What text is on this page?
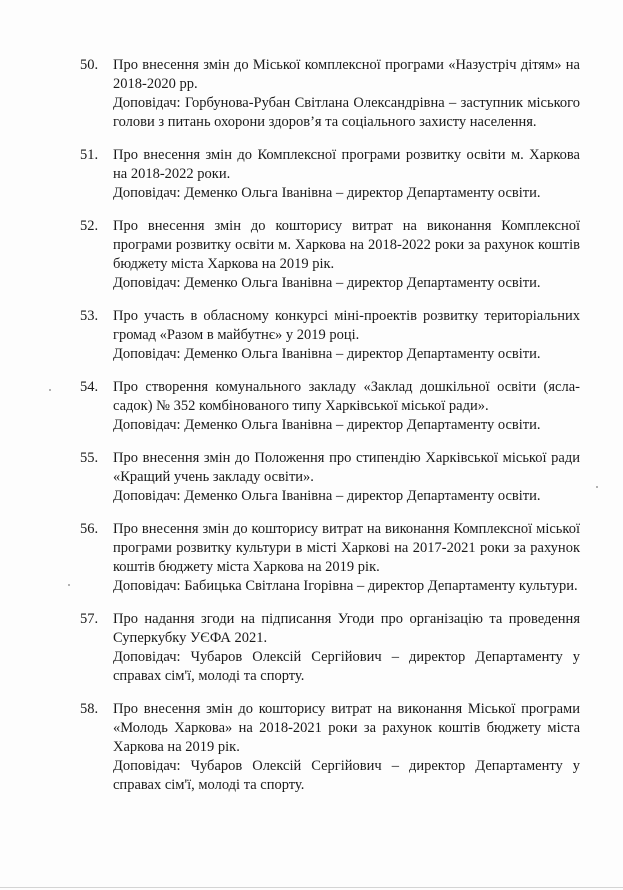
50.	Про внесення змін до Міської комплексної програми «Назустріч дітям» на 2018-2020 рр.

Доповідач: Горбунова-Рубан Світлана Олександрівна – заступник міського голови з питань охорони здоров’я та соціального захисту населення.

51.	Про внесення змін до Комплексної програми розвитку освіти м. Харкова на 2018-2022 роки.

Доповідач: Деменко Ольга Іванівна – директор Департаменту освіти.

52.	Про внесення змін до кошторису витрат на виконання Комплексної програми розвитку освіти м. Харкова на 2018-2022 роки за рахунок коштів бюджету міста Харкова на 2019 рік.

Доповідач: Деменко Ольга Іванівна – директор Департаменту освіти.

53.	Про участь в обласному конкурсі міні-проектів розвитку територіальних громад «Разом в майбутнє» у 2019 році.

Доповідач: Деменко Ольга Іванівна – директор Департаменту освіти.

54.	Про створення комунального закладу «Заклад дошкільної освіти (ясла-садок) № 352 комбінованого типу Харківської міської ради».

Доповідач: Деменко Ольга Іванівна – директор Департаменту освіти.

55.	Про внесення змін до Положення про стипендію Харківської міської ради «Кращий учень закладу освіти».

Доповідач: Деменко Ольга Іванівна – директор Департаменту освіти.

56.	Про внесення змін до кошторису витрат на виконання Комплексної міської програми розвитку культури в місті Харкові на 2017-2021 роки за рахунок коштів бюджету міста Харкова на 2019 рік.

Доповідач: Бабицька Світлана Ігорівна – директор Департаменту культури.

57.	Про надання згоди на підписання Угоди про організацію та проведення Суперкубку УЄФА 2021.

Доповідач: Чубаров Олексій Сергійович – директор Департаменту у справах сім'ї, молоді та спорту.

58.	Про внесення змін до кошторису витрат на виконання Міської програми «Молодь Харкова» на 2018-2021 роки за рахунок коштів бюджету міста Харкова на 2019 рік.

Доповідач: Чубаров Олексій Сергійович – директор Департаменту у справах сім'ї, молоді та спорту.
